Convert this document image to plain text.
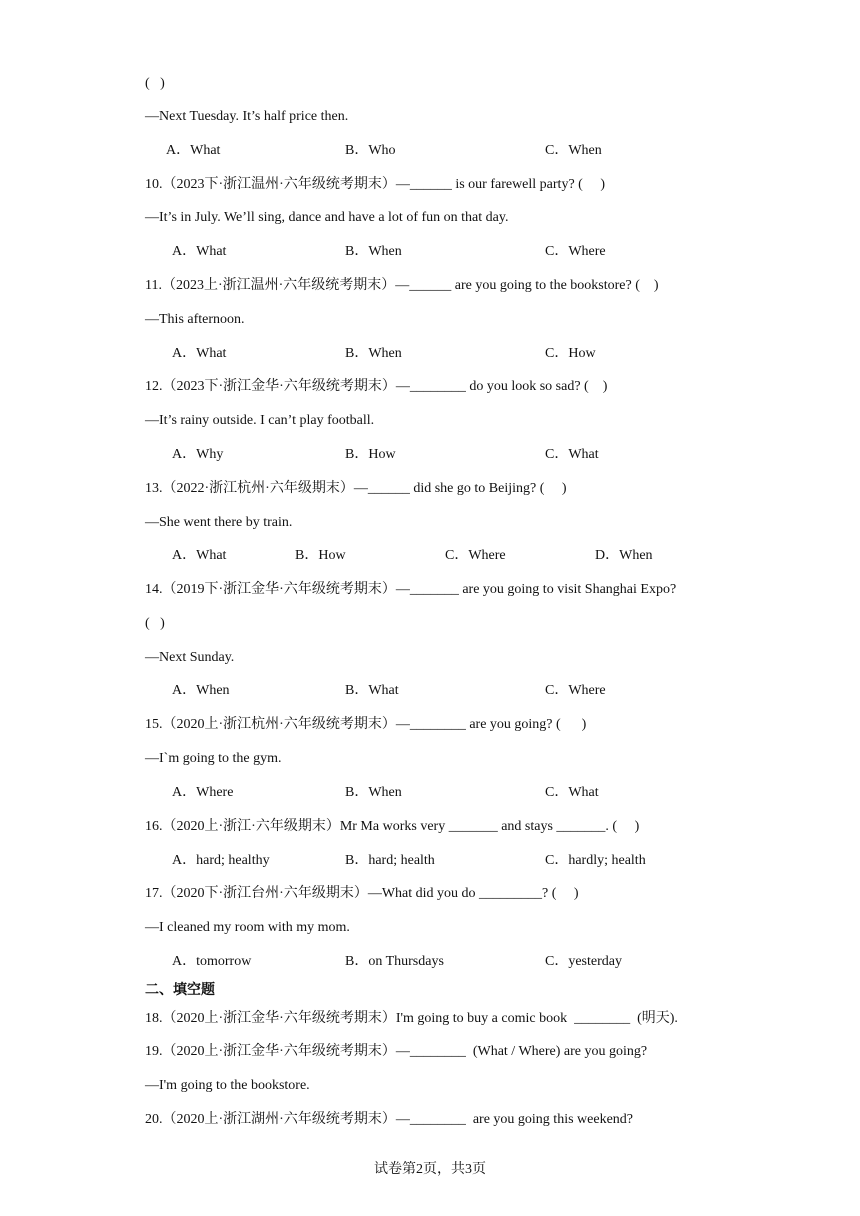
(   )
—Next Tuesday. It’s half price then.
A．What	B．Who	C．When
10.（2023下·浙江温州·六年级统考期末）—______ is our farewell party? (     )
—It’s in July. We’ll sing, dance and have a lot of fun on that day.
A．What	B．When	C．Where
11.（2023上·浙江温州·六年级统考期末）—______ are you going to the bookstore? (    )
—This afternoon.
A．What	B．When	C．How
12.（2023下·浙江金华·六年级统考期末）—________ do you look so sad? (    )
—It’s rainy outside. I can’t play football.
A．Why	B．How	C．What
13.（2022·浙江杭州·六年级期末）—______ did she go to Beijing? (     )
—She went there by train.
A．What	B．How	C．Where	D．When
14.（2019下·浙江金华·六年级统考期末）—_______ are you going to visit Shanghai Expo?
(   )
—Next Sunday.
A．When	B．What	C．Where
15.（2020上·浙江杭州·六年级统考期末）—________ are you going? (      )
—I`m going to the gym.
A．Where	B．When	C．What
16.（2020上·浙江·六年级期末）Mr Ma works very _______ and stays _______. (     )
A．hard; healthy	B．hard; health	C．hardly; health
17.（2020下·浙江台州·六年级期末）—What did you do _________? (     )
—I cleaned my room with my mom.
A．tomorrow	B．on Thursdays	C．yesterday
二、填空题
18.（2020上·浙江金华·六年级统考期末）I'm going to buy a comic book  ________  (明天).
19.（2020上·浙江金华·六年级统考期末）—________  (What / Where) are you going?
—I'm going to the bookstore.
20.（2020上·浙江湖州·六年级统考期末）—________  are you going this weekend?
试卷第2页，共3页
